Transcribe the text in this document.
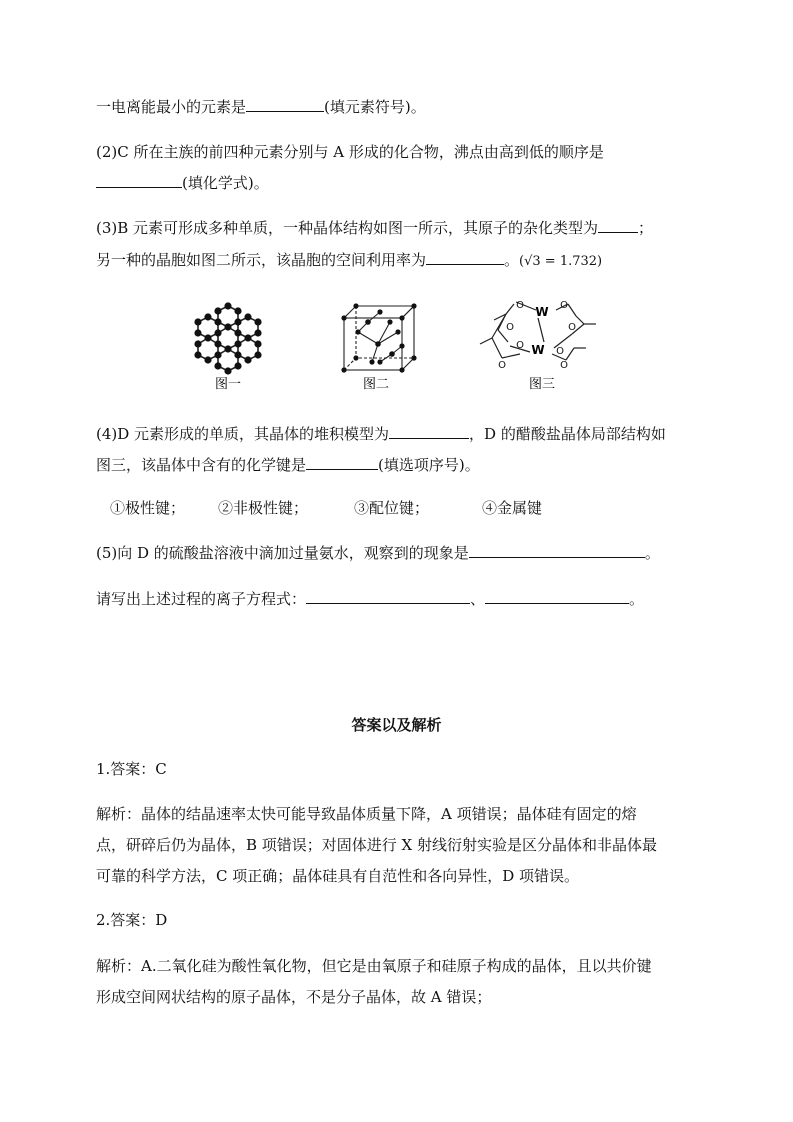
一电离能最小的元素是	(填元素符号)。
(2)C 所在主族的前四种元素分别与 A 形成的化合物，沸点由高到低的顺序是
(填化学式)。
(3)B 元素可形成多种单质，一种晶体结构如图一所示，其原子的杂化类型为	；
另一种的晶胞如图二所示，该晶胞的空间利用率为	。(√3 = 1.732)
图一	图二
W
W
O	O
O	O
O
O
O	O
图三
(4)D 元素形成的单质，其晶体的堆积模型为	，D 的醋酸盐晶体局部结构如
图三，该晶体中含有的化学键是	(填选项序号)。
①极性键； ②非极性键；	③配位键；	④金属键
(5)向 D 的硫酸盐溶液中滴加过量氨水，观察到的现象是	。
请写出上述过程的离子方程式：	、	。
答案以及解析
1.答案：C
解析：晶体的结晶速率太快可能导致晶体质量下降，A 项错误；晶体硅有固定的熔
点，研碎后仍为晶体，B 项错误；对固体进行 X 射线衍射实验是区分晶体和非晶体最
可靠的科学方法，C 项正确；晶体硅具有自范性和各向异性，D 项错误。
2.答案：D
解析：A.二氧化硅为酸性氧化物，但它是由氧原子和硅原子构成的晶体，且以共价键
形成空间网状结构的原子晶体，不是分子晶体，故 A 错误；
